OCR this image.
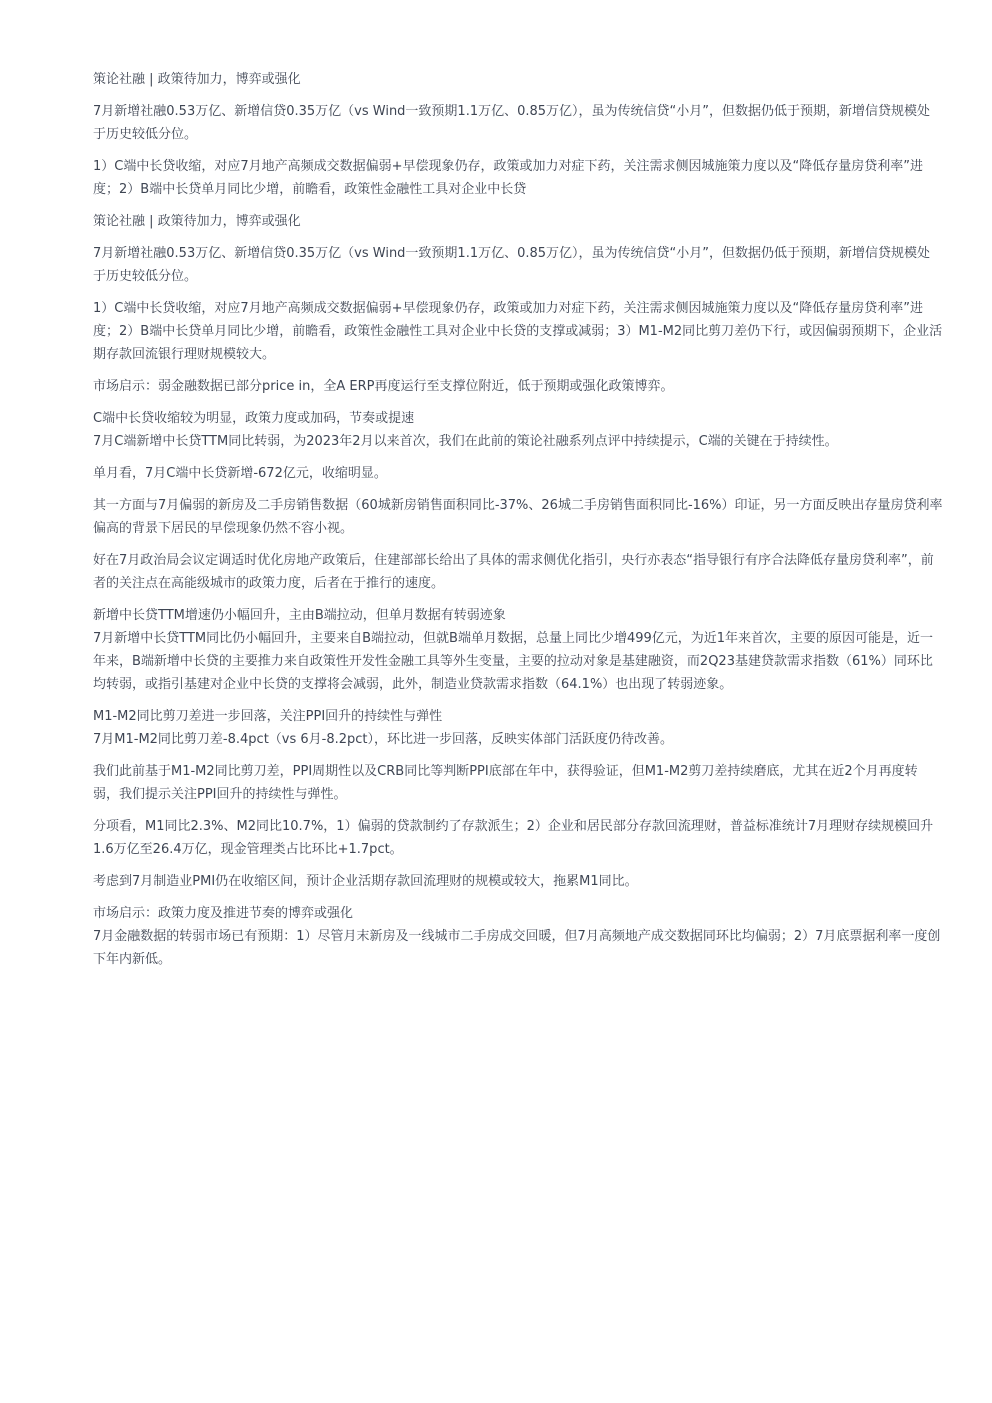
策论社融 | 政策待加力，博弈或强化

7月新增社融0.53万亿、新增信贷0.35万亿（vs Wind一致预期1.1万亿、0.85万亿），虽为传统信贷“小月”，但数据仍低于预期，新增信贷规模处于历史较低分位。

1）C端中长贷收缩，对应7月地产高频成交数据偏弱+早偿现象仍存，政策或加力对症下药，关注需求侧因城施策力度以及“降低存量房贷利率”进度；2）B端中长贷单月同比少增，前瞻看，政策性金融性工具对企业中长贷

策论社融 | 政策待加力，博弈或强化

7月新增社融0.53万亿、新增信贷0.35万亿（vs Wind一致预期1.1万亿、0.85万亿），虽为传统信贷“小月”，但数据仍低于预期，新增信贷规模处于历史较低分位。

1）C端中长贷收缩，对应7月地产高频成交数据偏弱+早偿现象仍存，政策或加力对症下药，关注需求侧因城施策力度以及“降低存量房贷利率”进度；2）B端中长贷单月同比少增，前瞻看，政策性金融性工具对企业中长贷的支撑或减弱；3）M1-M2同比剪刀差仍下行，或因偏弱预期下，企业活期存款回流银行理财规模较大。

市场启示：弱金融数据已部分price in，全A ERP再度运行至支撑位附近，低于预期或强化政策博弈。

C端中长贷收缩较为明显，政策力度或加码，节奏或提速

7月C端新增中长贷TTM同比转弱，为2023年2月以来首次，我们在此前的策论社融系列点评中持续提示，C端的关键在于持续性。

单月看，7月C端中长贷新增-672亿元，收缩明显。

其一方面与7月偏弱的新房及二手房销售数据（60城新房销售面积同比-37%、26城二手房销售面积同比-16%）印证，另一方面反映出存量房贷利率偏高的背景下居民的早偿现象仍然不容小视。

好在7月政治局会议定调适时优化房地产政策后，住建部部长给出了具体的需求侧优化指引，央行亦表态“指导银行有序合法降低存量房贷利率”，前者的关注点在高能级城市的政策力度，后者在于推行的速度。

新增中长贷TTM增速仍小幅回升，主由B端拉动，但单月数据有转弱迹象

7月新增中长贷TTM同比仍小幅回升，主要来自B端拉动，但就B端单月数据，总量上同比少增499亿元，为近1年来首次，主要的原因可能是，近一年来，B端新增中长贷的主要推力来自政策性开发性金融工具等外生变量，主要的拉动对象是基建融资，而2Q23基建贷款需求指数（61%）同环比均转弱，或指引基建对企业中长贷的支撑将会减弱，此外，制造业贷款需求指数（64.1%）也出现了转弱迹象。

M1-M2同比剪刀差进一步回落，关注PPI回升的持续性与弹性

7月M1-M2同比剪刀差-8.4pct（vs 6月-8.2pct），环比进一步回落，反映实体部门活跃度仍待改善。

我们此前基于M1-M2同比剪刀差，PPI周期性以及CRB同比等判断PPI底部在年中，获得验证，但M1-M2剪刀差持续磨底，尤其在近2个月再度转弱，我们提示关注PPI回升的持续性与弹性。

分项看，M1同比2.3%、M2同比10.7%，1）偏弱的贷款制约了存款派生；2）企业和居民部分存款回流理财，普益标准统计7月理财存续规模回升1.6万亿至26.4万亿，现金管理类占比环比+1.7pct。

考虑到7月制造业PMI仍在收缩区间，预计企业活期存款回流理财的规模或较大，拖累M1同比。

市场启示：政策力度及推进节奏的博弈或强化

7月金融数据的转弱市场已有预期：1）尽管月末新房及一线城市二手房成交回暖，但7月高频地产成交数据同环比均偏弱；2）7月底票据利率一度创下年内新低。
